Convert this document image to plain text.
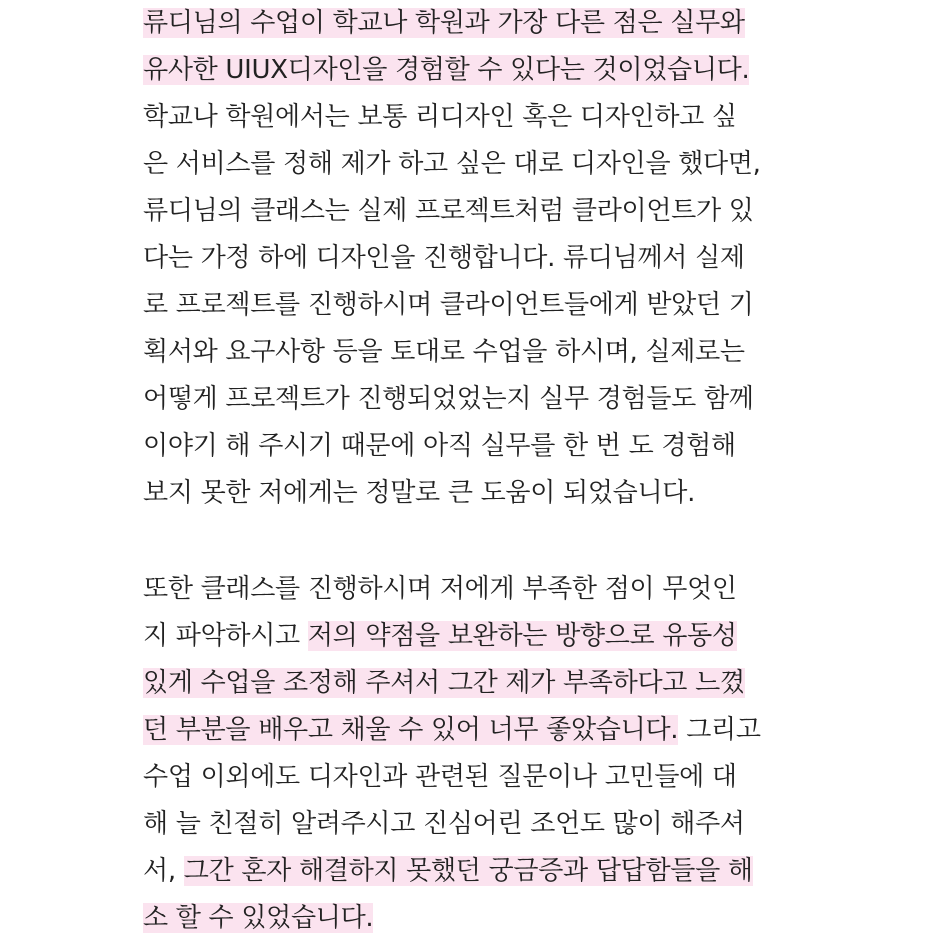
류디님의 수업이 학교나 학원과 가장 다른 점은 실무와
유사한 UIUX디자인을 경험할 수 있다는 것이었습니다.
학교나 학원에서는 보통 리디자인 혹은 디자인하고 싶
은 서비스를 정해 제가 하고 싶은 대로 디자인을 했다면,
류디님의 클래스는 실제 프로젝트처럼 클라이언트가 있
다는 가정 하에 디자인을 진행합니다. 류디님께서 실제
로 프로젝트를 진행하시며 클라이언트들에게 받았던 기
획서와 요구사항 등을 토대로 수업을 하시며, 실제로는
어떻게 프로젝트가 진행되었었는지 실무 경험들도 함께
이야기 해 주시기 때문에 아직 실무를 한 번 도 경험해
보지 못한 저에게는 정말로 큰 도움이 되었습니다.
또한 클래스를 진행하시며 저에게 부족한 점이 무엇인
지 파악하시고 저의 약점을 보완하는 방향으로 유동성
있게 수업을 조정해 주셔서 그간 제가 부족하다고 느꼈
던 부분을 배우고 채울 수 있어 너무 좋았습니다. 그리고
수업 이외에도 디자인과 관련된 질문이나 고민들에 대
해 늘 친절히 알려주시고 진심어린 조언도 많이 해주셔
서, 그간 혼자 해결하지 못했던 궁금증과 답답함들을 해
소 할 수 있었습니다.
